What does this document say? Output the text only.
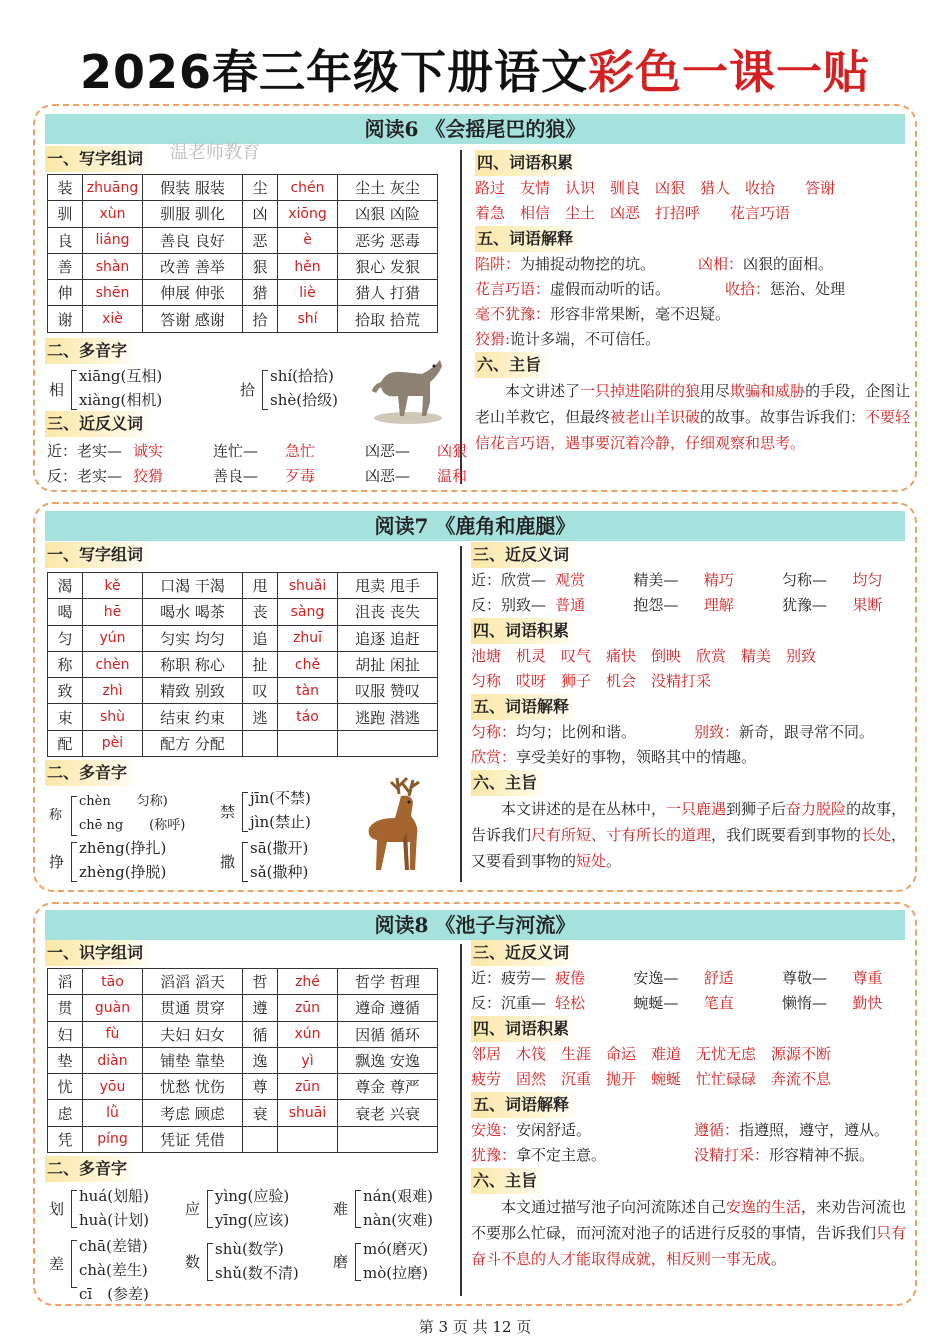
2026春三年级下册语文彩色一课一贴
阅读6 《会摇尾巴的狼》
温老师教育
一、写字组词
装	zhuāng	假装 服装	尘	chén	尘土 灰尘
驯	xùn	驯服 驯化	凶	xiōng	凶狠 凶险
良	liáng	善良 良好	恶	è	恶劣 恶毒
善	shàn	改善 善举	狠	hěn	狠心 发狠
伸	shēn	伸展 伸张	猎	liè	猎人 打猎
谢	xiè	答谢 感谢	拾	shí	拾取 拾荒
二、多音字
相
xiāng(互相)
xiàng(相机)
拾
shí(拾拾)
shè(拾级)
三、近反义词
近：老实— 诚实	连忙—	急忙	凶恶—	凶狠
反：老实— 狡猾	善良—	歹毒	凶恶—	温和
四、词语积累
路过　友情　认识　驯良　凶狠　猎人　收拾　　答谢
着急　相信　尘土　凶恶　打招呼　　花言巧语
五、词语解释
陷阱：为捕捉动物挖的坑。	凶相：凶狠的面相。
花言巧语：虚假而动听的话。	收拾：惩治、处理
毫不犹豫：形容非常果断，毫不迟疑。
狡猾:诡计多端，不可信任。
六、主旨
本文讲述了一只掉进陷阱的狼用尽欺骗和威胁的手段，企图让老山羊救它，但最终被老山羊识破的故事。故事告诉我们：不要轻信花言巧语，遇事要沉着冷静，仔细观察和思考。
阅读7 《鹿角和鹿腿》
一、写字组词
渴	kě	口渴 干渴	甩	shuǎi	甩卖 甩手
喝	hē	喝水 喝茶	丧	sàng	沮丧 丧失
匀	yún	匀实 均匀	追	zhuī	追逐 追赶
称	chèn	称职 称心	扯	chě	胡扯 闲扯
致	zhì	精致 别致	叹	tàn	叹服 赞叹
束	shù	结束 约束	逃	táo	逃跑 潜逃
配	pèi	配方 分配			
二、多音字
称
chèn　　匀称)
chē ng　　(称呼)
禁
jīn(不禁)
jìn(禁止)
挣
zhēng(挣扎)
zhèng(挣脱)
撒
sā(撒开)
sǎ(撒种)
三、近反义词
近：欣赏— 观赏	精美—	精巧	匀称—	均匀
反：别致— 普通	抱怨—	理解	犹豫—	果断
四、词语积累
池塘　机灵　叹气　痛快　倒映　欣赏　精美　别致
匀称　哎呀　狮子　机会　没精打采
五、词语解释
匀称：均匀；比例和谐。	别致：新奇，跟寻常不同。
欣赏：享受美好的事物，领略其中的情趣。
六、主旨
本文讲述的是在丛林中，一只鹿遇到狮子后奋力脱险的故事，告诉我们尺有所短、寸有所长的道理，我们既要看到事物的长处，又要看到事物的短处。
阅读8 《池子与河流》
一、识字组词
滔	tāo	滔滔 滔天	哲	zhé	哲学 哲理
贯	guàn	贯通 贯穿	遵	zūn	遵命 遵循
妇	fù	夫妇 妇女	循	xún	因循 循环
垫	diàn	铺垫 靠垫	逸	yì	飘逸 安逸
忧	yōu	忧愁 忧伤	尊	zūn	尊金 尊严
虑	lǜ	考虑 顾虑	衰	shuāi	衰老 兴衰
凭	píng	凭证 凭借			
二、多音字
划
huá(划船)
huà(计划)
应
yìng(应验)
yīng(应该)
难
nán(艰难)
nàn(灾难)
差
chā(差错)
chà(差生)
cī　(参差)
数
shù(数学)
shǔ(数不清)
磨
mó(磨灭)
mò(拉磨)
三、近反义词
近：疲劳— 疲倦	安逸—	舒适	尊敬—	尊重
反：沉重— 轻松	蜿蜒—	笔直	懒惰—	勤快
四、词语积累
邻居　木筏　生涯　命运　难道　无忧无虑　源源不断
疲劳　固然　沉重　抛开　蜿蜒　忙忙碌碌　奔流不息
五、词语解释
安逸：安闲舒适。	遵循：指遵照，遵守，遵从。
犹豫：拿不定主意。	没精打采：形容精神不振。
六、主旨
本文通过描写池子向河流陈述自己安逸的生活，来劝告河流也不要那么忙碌，而河流对池子的话进行反驳的事情，告诉我们只有奋斗不息的人才能取得成就，相反则一事无成。
第 3 页 共 12 页
